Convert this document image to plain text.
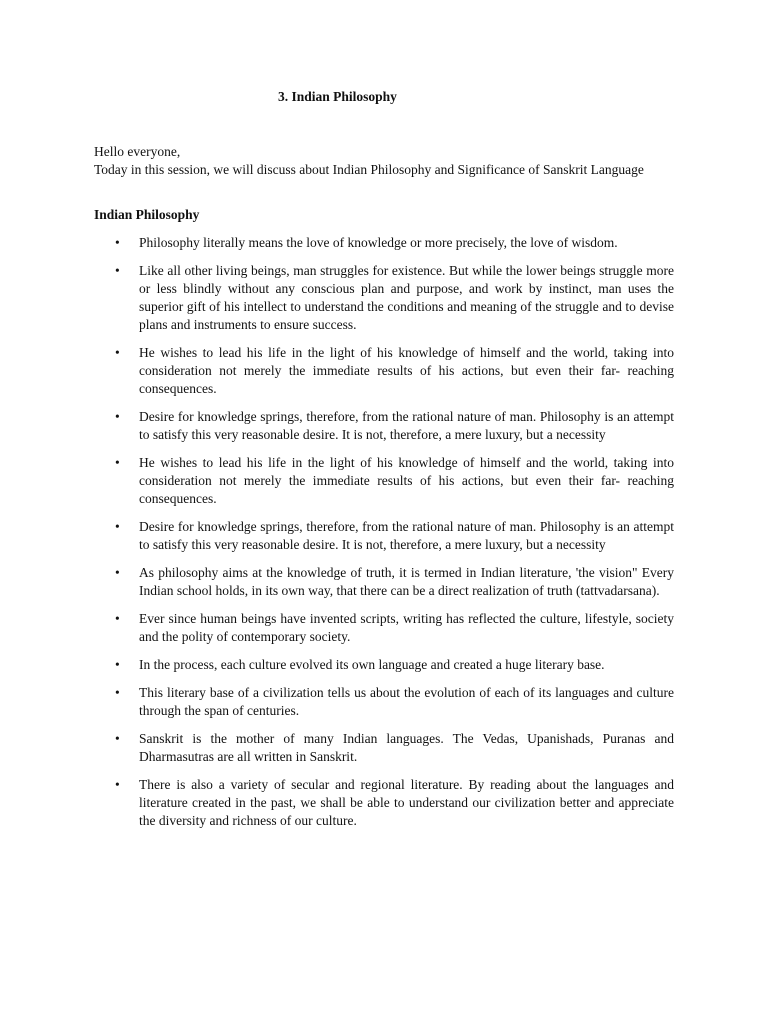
3. Indian Philosophy

Hello everyone,

Today in this session, we will discuss about Indian Philosophy and Significance of Sanskrit Language

Indian Philosophy
• Philosophy literally means the love of knowledge or more precisely, the love of wisdom.
• Like all other living beings, man struggles for existence. But while the lower beings struggle more or less blindly without any conscious plan and purpose, and work by instinct, man uses the superior gift of his intellect to understand the conditions and meaning of the struggle and to devise plans and instruments to ensure success.
• He wishes to lead his life in the light of his knowledge of himself and the world, taking into consideration not merely the immediate results of his actions, but even their far- reaching consequences.
• Desire for knowledge springs, therefore, from the rational nature of man. Philosophy is an attempt to satisfy this very reasonable desire. It is not, therefore, a mere luxury, but a necessity
• He wishes to lead his life in the light of his knowledge of himself and the world, taking into consideration not merely the immediate results of his actions, but even their far- reaching consequences.
• Desire for knowledge springs, therefore, from the rational nature of man. Philosophy is an attempt to satisfy this very reasonable desire. It is not, therefore, a mere luxury, but a necessity
• As philosophy aims at the knowledge of truth, it is termed in Indian literature, 'the vision" Every Indian school holds, in its own way, that there can be a direct realization of truth (tattvadarsana).
• Ever since human beings have invented scripts, writing has reflected the culture, lifestyle, society and the polity of contemporary society.
• In the process, each culture evolved its own language and created a huge literary base.
• This literary base of a civilization tells us about the evolution of each of its languages and culture through the span of centuries.
• Sanskrit is the mother of many Indian languages. The Vedas, Upanishads, Puranas and Dharmasutras are all written in Sanskrit.
• There is also a variety of secular and regional literature. By reading about the languages and literature created in the past, we shall be able to understand our civilization better and appreciate the diversity and richness of our culture.
